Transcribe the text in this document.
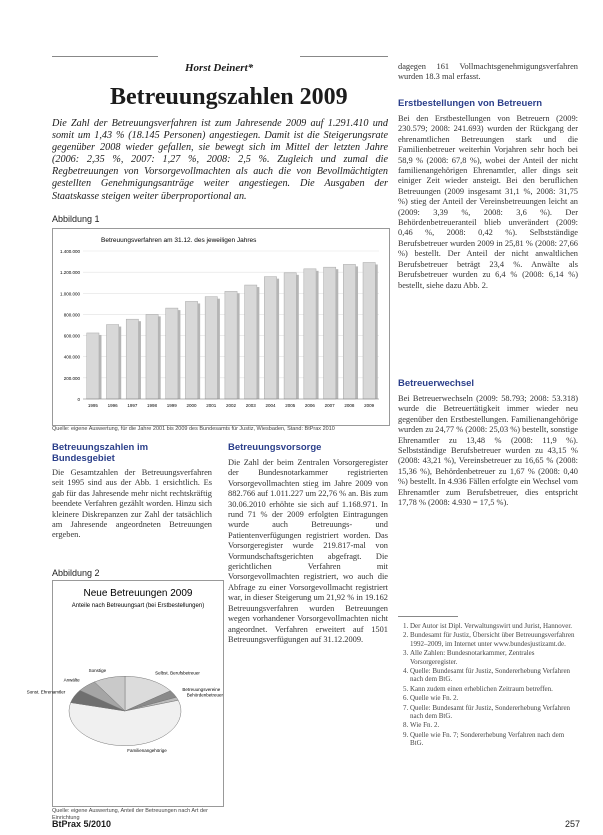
Horst Deinert*
Betreuungszahlen 2009
Die Zahl der Betreuungsverfahren ist zum Jahresende 2009 auf 1.291.410 und somit um 1,43 % (18.145 Personen) angestiegen. Damit ist die Steigerungsrate gegenüber 2008 wieder gefallen, sie bewegt sich im Mittel der letzten Jahre (2006: 2,35 %, 2007: 1,27 %, 2008: 2,5 %. Zugleich und zumal die Regbetreuungen von Vorsorgevollmachten als auch die von Bevollmächtigten gestellten Genehmigungsanträge weiter angestiegen. Die Ausgaben der Staatskasse steigen weiter überproportional an.
Abbildung 1
Betreuungsverfahren am 31.12. des jeweiligen Jahres
0
200.000
400.000
600.000
800.000
1.000.000
1.200.000
1.400.000
1995 1996 1997 1998 1999 2000 2001 2002 2003 2004 2005 2006 2007 2008 2009
Quelle: eigene Auswertung, für die Jahre 2001 bis 2009 des Bundesamts für Justiz, Wiesbaden, Stand: BtPrax 2010
Betreuungszahlen im Bundesgebiet
Die Gesamtzahlen der Betreuungsverfahren seit 1995 sind aus der Abb. 1 ersichtlich. Es gab für das Jahresende mehr nicht rechtskräftig beendete Verfahren gezählt worden. Hinzu sich kleinere Diskrepanzen zur Zahl der tatsächlich am Jahresende angeordneten Betreuungen ergeben.
Betreuungsvorsorge
Die Zahl der beim Zentralen Vorsorgeregister der Bundesnotarkammer registrierten Vorsorgevollmachten stieg im Jahre 2009 von 882.766 auf 1.011.227 um 22,76 % an. Bis zum 30.06.2010 erhöhte sie sich auf 1.168.971. In rund 71 % der 2009 erfolgten Eintragungen wurde auch Betreuungs- und Patientenverfügungen registriert worden. Das Vorsorgeregister wurde 219.817-mal von Vormundschaftsgerichten abgefragt. Die gerichtlichen Verfahren mit Vorsorgevollmachten registriert, wo auch die Abfrage zu einer Vorsorgevollmacht registriert war, in dieser Steigerung um 21,92 % in 19.162 Betreuungsverfahren wurden Betreuungen wegen vorhandener Vorsorgevollmachten nicht angeordnet. Verfahren erweitert auf 1501 Betreuungsverfügungen auf 31.12.2009.
Abbildung 2
Neue Betreuungen 2009
Anteile nach Betreuungsart (bei Erstbestellungen)
Selbst. Berufsbetreuer
Betreuungsvereine
Behördenbetreuer
Familienangehörige
Sonst. Ehrenamtler
Anwälte
Sonstige
Quelle: eigene Auswertung, Anteil der Betreuungen nach Art der Einrichtung
dagegen 161 Vollmachtsgenehmigungsverfahren wurden 18.3 mal erfasst.
Erstbestellungen von Betreuern
Bei den Erstbestellungen von Betreuern (2009: 230.579; 2008: 241.693) wurden der Rückgang der ehrenamtlichen Betreuungen stark und die Familienbetreuer weiterhin Vorjahren sehr hoch bei 58,9 % (2008: 67,8 %), wobei der Anteil der nicht familienangehörigen Ehrenamtler, aller dings seit einiger Zeit wieder ansteigt. Bei den beruflichen Betreuungen (2009 insgesamt 31,1 %, 2008: 31,75 %) stieg der Anteil der Vereinsbetreuungen leicht an (2009: 3,39 %, 2008: 3,6 %). Der Behördenbetreueranteil blieb unverändert (2009: 0,46 %, 2008: 0,42 %). Selbstständige Berufsbetreuer wurden 2009 in 25,81 % (2008: 27,66 %) bestellt. Der Anteil der nicht anwaltlichen Berufsbetreuer beträgt 23,4 %. Anwälte als Berufsbetreuer wurden zu 6,4 % (2008: 6,14 %) bestellt, siehe dazu Abb. 2.
Betreuerwechsel
Bei Betreuerwechseln (2009: 58.793; 2008: 53.318) wurde die Betreuertätigkeit immer wieder neu gegenüber den Erstbestellungen. Familienangehörige wurden zu 24,77 % (2008: 25,03 %) bestellt, sonstige Ehrenamtler zu 13,48 % (2008: 11,9 %). Selbstständige Berufsbetreuer wurden zu 43,15 % (2008: 43,21 %), Vereinsbetreuer zu 16,65 % (2008: 15,36 %), Behördenbetreuer zu 1,67 % (2008: 0,40 %) bestellt. In 4.936 Fällen erfolgte ein Wechsel vom Ehrenamtler zum Berufsbetreuer, dies entspricht 17,78 % (2008: 4.930 = 17,5 %).
1. Der Autor ist Dipl. Verwaltungswirt und Jurist, Hannover.
2. Bundesamt für Justiz, Übersicht über Betreuungsverfahren 1992–2009, im Internet unter www.bundesjustizamt.de.
3. Alle Zahlen: Bundesnotarkammer, Zentrales Vorsorgeregister.
4. Quelle: Bundesamt für Justiz, Sondererhebung Verfahren nach dem BtG.
5. Kann zudem einen erheblichen Zeitraum betreffen.
6. Quelle wie Fn. 2.
7. Quelle: Bundesamt für Justiz, Sondererhebung Verfahren nach dem BtG.
8. Wie Fn. 2.
9. Quelle wie Fn. 7; Sondererhebung Verfahren nach dem BtG.
BtPrax 5/2010	257
